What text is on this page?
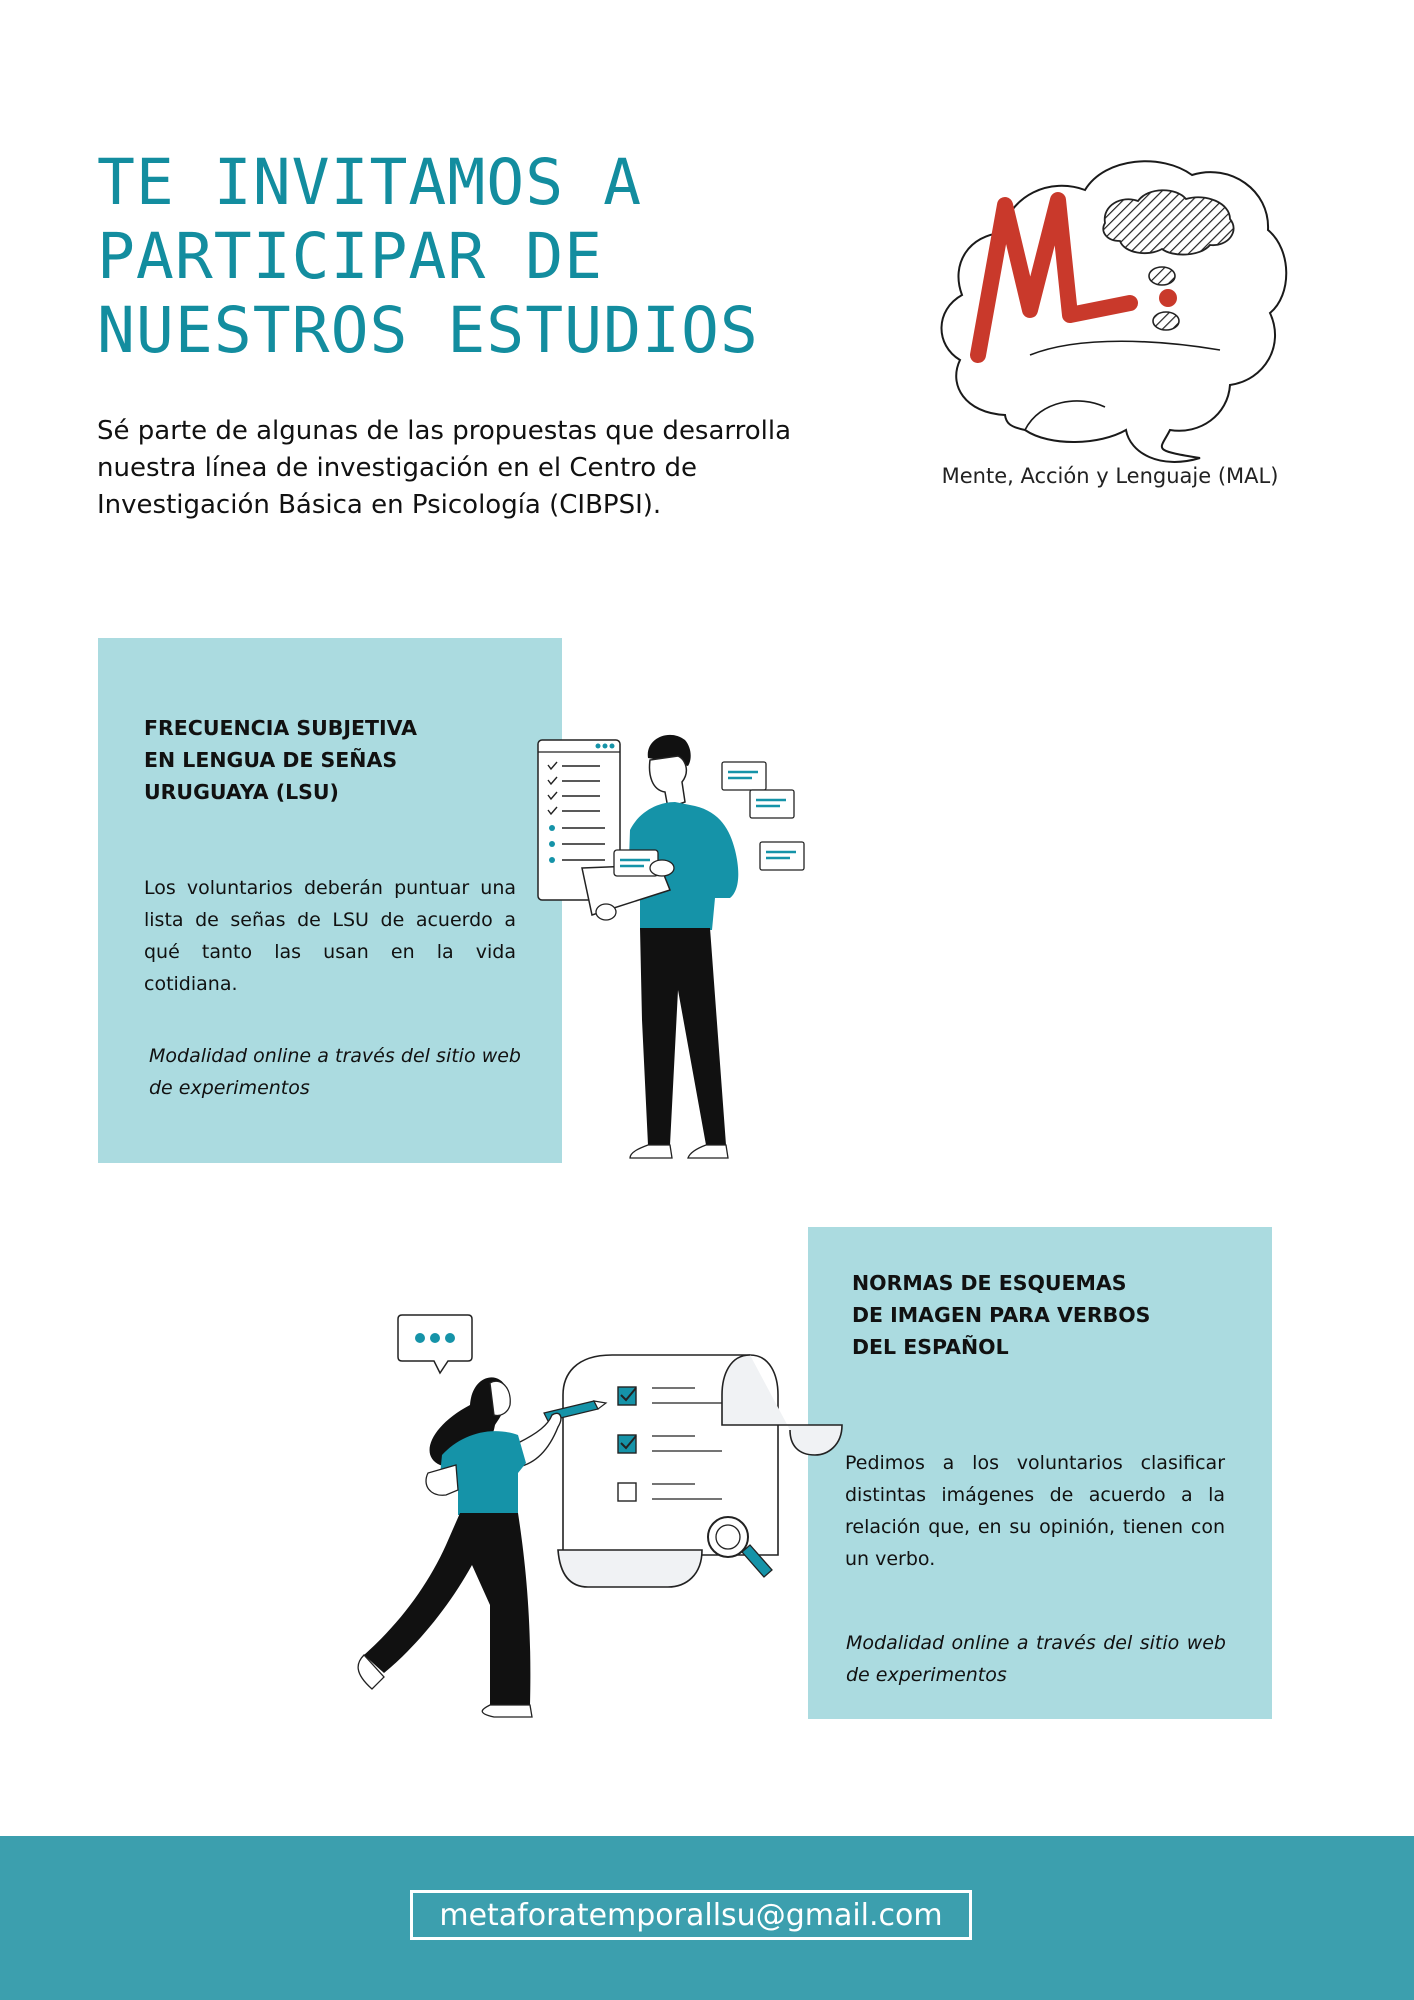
TE INVITAMOS A
PARTICIPAR DE
NUESTROS ESTUDIOS

Sé parte de algunas de las propuestas que desarrolla nuestra línea de investigación en el Centro de Investigación Básica en Psicología (CIBPSI).

Mente, Acción y Lenguaje (MAL)
FRECUENCIA SUBJETIVA
EN LENGUA DE SEÑAS
URUGUAYA (LSU)

Los voluntarios deberán puntuar una lista de señas de LSU de acuerdo a qué tanto las usan en la vida cotidiana.

Modalidad online a través del sitio web de experimentos

NORMAS DE ESQUEMAS
DE IMAGEN PARA VERBOS
DEL ESPAÑOL

Pedimos a los voluntarios clasificar distintas imágenes de acuerdo a la relación que, en su opinión, tienen con un verbo.

Modalidad online a través del sitio web de experimentos

metaforatemporallsu@gmail.com
